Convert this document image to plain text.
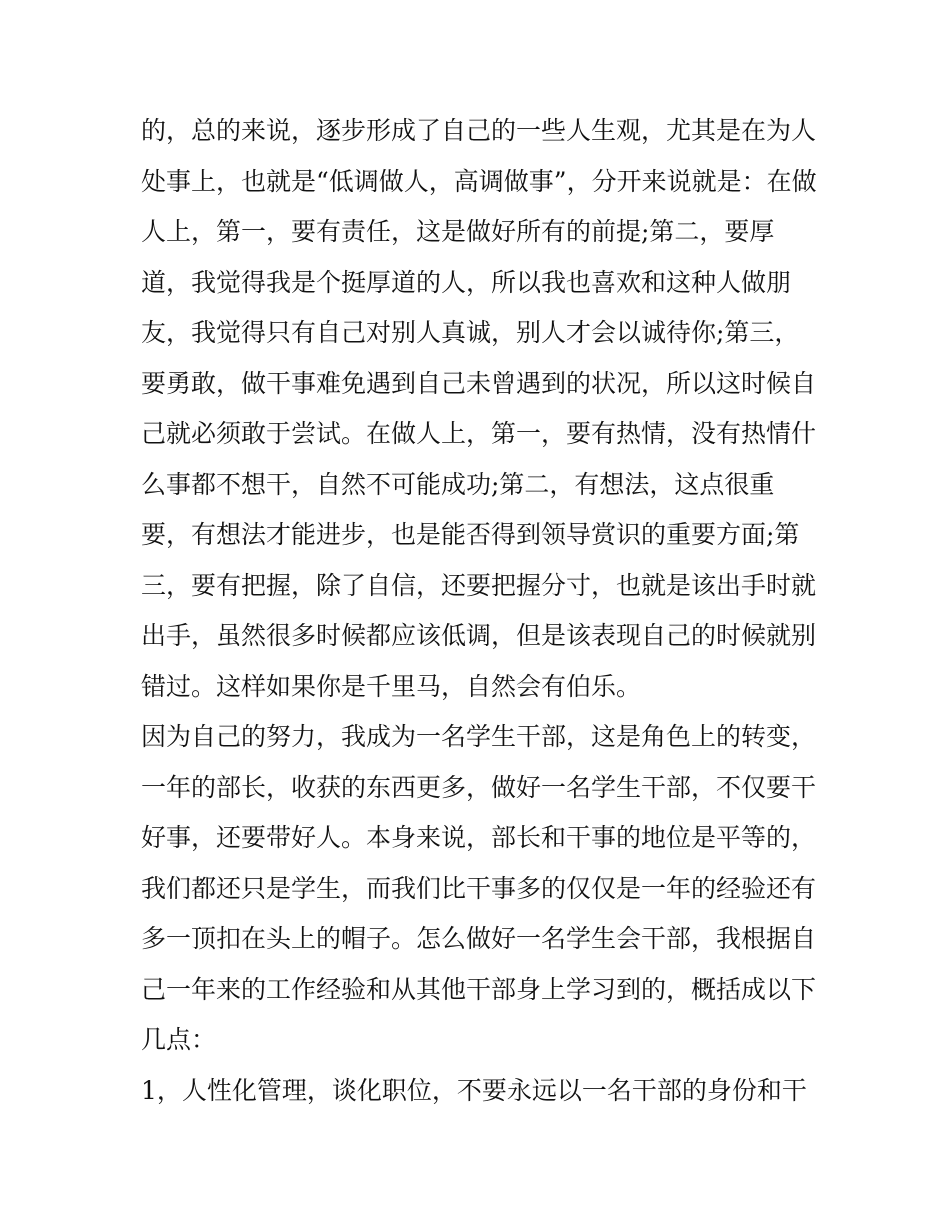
的，总的来说，逐步形成了自己的一些人生观，尤其是在为人
处事上，也就是“低调做人，高调做事”，分开来说就是：在做
人上，第一，要有责任，这是做好所有的前提;第二，要厚
道，我觉得我是个挺厚道的人，所以我也喜欢和这种人做朋
友，我觉得只有自己对别人真诚，别人才会以诚待你;第三，
要勇敢，做干事难免遇到自己未曾遇到的状况，所以这时候自
己就必须敢于尝试。在做人上，第一，要有热情，没有热情什
么事都不想干，自然不可能成功;第二，有想法，这点很重
要，有想法才能进步，也是能否得到领导赏识的重要方面;第
三，要有把握，除了自信，还要把握分寸，也就是该出手时就
出手，虽然很多时候都应该低调，但是该表现自己的时候就别
错过。这样如果你是千里马，自然会有伯乐。
因为自己的努力，我成为一名学生干部，这是角色上的转变，
一年的部长，收获的东西更多，做好一名学生干部，不仅要干
好事，还要带好人。本身来说，部长和干事的地位是平等的，
我们都还只是学生，而我们比干事多的仅仅是一年的经验还有
多一顶扣在头上的帽子。怎么做好一名学生会干部，我根据自
己一年来的工作经验和从其他干部身上学习到的，概括成以下
几点：
1，人性化管理，谈化职位，不要永远以一名干部的身份和干
